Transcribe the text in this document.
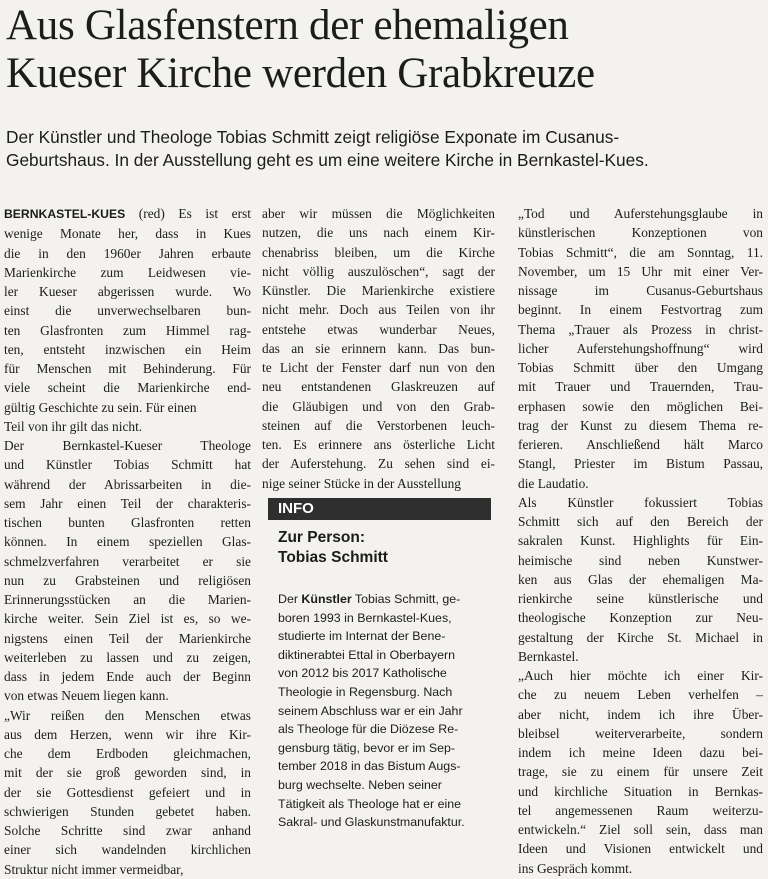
Aus Glasfenstern der ehemaligen
Kueser Kirche werden Grabkreuze

Der Künstler und Theologe Tobias Schmitt zeigt religiöse Exponate im Cusanus-
Geburtshaus. In der Ausstellung geht es um eine weitere Kirche in Bernkastel-Kues.

BERNKASTEL-KUES (red) Es ist erst
wenige Monate her, dass in Kues
die in den 1960er Jahren erbaute
Marienkirche zum Leidwesen vie-
ler Kueser abgerissen wurde. Wo
einst die unverwechselbaren bun-
ten Glasfronten zum Himmel rag-
ten, entsteht inzwischen ein Heim
für Menschen mit Behinderung. Für
viele scheint die Marienkirche end-
gültig Geschichte zu sein. Für einen
Teil von ihr gilt das nicht.
Der Bernkastel-Kueser Theologe
und Künstler Tobias Schmitt hat
während der Abrissarbeiten in die-
sem Jahr einen Teil der charakteris-
tischen bunten Glasfronten retten
können. In einem speziellen Glas-
schmelzverfahren verarbeitet er sie
nun zu Grabsteinen und religiösen
Erinnerungsstücken an die Marien-
kirche weiter. Sein Ziel ist es, so we-
nigstens einen Teil der Marienkirche
weiterleben zu lassen und zu zeigen,
dass in jedem Ende auch der Beginn
von etwas Neuem liegen kann.
„Wir reißen den Menschen etwas
aus dem Herzen, wenn wir ihre Kir-
che dem Erdboden gleichmachen,
mit der sie groß geworden sind, in
der sie Gottesdienst gefeiert und in
schwierigen Stunden gebetet haben.
Solche Schritte sind zwar anhand
einer sich wandelnden kirchlichen
Struktur nicht immer vermeidbar,
aber wir müssen die Möglichkeiten
nutzen, die uns nach einem Kir-
chenabriss bleiben, um die Kirche
nicht völlig auszulöschen“, sagt der
Künstler. Die Marienkirche existiere
nicht mehr. Doch aus Teilen von ihr
entstehe etwas wunderbar Neues,
das an sie erinnern kann. Das bun-
te Licht der Fenster darf nun von den
neu entstandenen Glaskreuzen auf
die Gläubigen und von den Grab-
steinen auf die Verstorbenen leuch-
ten. Es erinnere ans österliche Licht
der Auferstehung. Zu sehen sind ei-
nige seiner Stücke in der Ausstellung
INFO
Zur Person:
Tobias Schmitt
Der Künstler Tobias Schmitt, ge-
boren 1993 in Bernkastel-Kues,
studierte im Internat der Bene-
diktinerabtei Ettal in Oberbayern
von 2012 bis 2017 Katholische
Theologie in Regensburg. Nach
seinem Abschluss war er ein Jahr
als Theologe für die Diözese Re-
gensburg tätig, bevor er im Sep-
tember 2018 in das Bistum Augs-
burg wechselte. Neben seiner
Tätigkeit als Theologe hat er eine
Sakral- und Glaskunstmanufaktur.
„Tod und Auferstehungsglaube in
künstlerischen Konzeptionen von
Tobias Schmitt“, die am Sonntag, 11.
November, um 15 Uhr mit einer Ver-
nissage im Cusanus-Geburtshaus
beginnt. In einem Festvortrag zum
Thema „Trauer als Prozess in christ-
licher Auferstehungshoffnung“ wird
Tobias Schmitt über den Umgang
mit Trauer und Trauernden, Trau-
erphasen sowie den möglichen Bei-
trag der Kunst zu diesem Thema re-
ferieren. Anschließend hält Marco
Stangl, Priester im Bistum Passau,
die Laudatio.
Als Künstler fokussiert Tobias
Schmitt sich auf den Bereich der
sakralen Kunst. Highlights für Ein-
heimische sind neben Kunstwer-
ken aus Glas der ehemaligen Ma-
rienkirche seine künstlerische und
theologische Konzeption zur Neu-
gestaltung der Kirche St. Michael in
Bernkastel.
„Auch hier möchte ich einer Kir-
che zu neuem Leben verhelfen –
aber nicht, indem ich ihre Über-
bleibsel weiterverarbeite, sondern
indem ich meine Ideen dazu bei-
trage, sie zu einem für unsere Zeit
und kirchliche Situation in Bernkas-
tel angemessenen Raum weiterzu-
entwickeln.“ Ziel soll sein, dass man
Ideen und Visionen entwickelt und
ins Gespräch kommt.
